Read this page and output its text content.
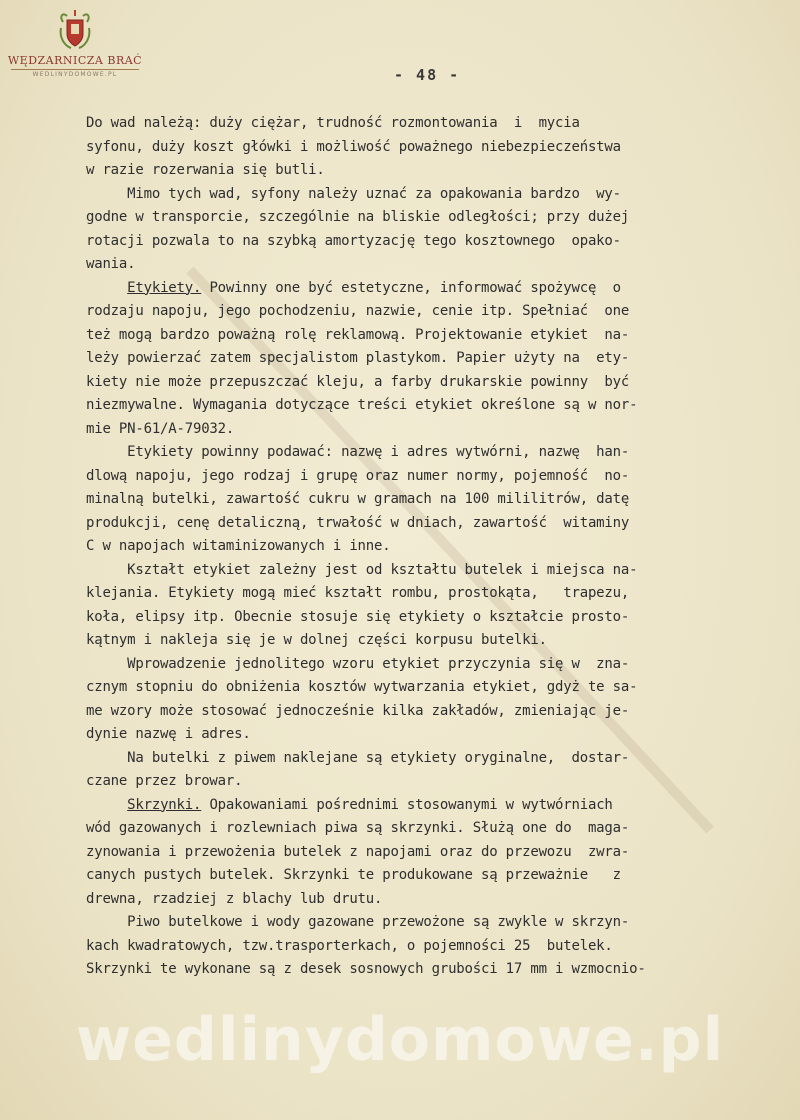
WĘDZARNICZA BRAĆ
WEDLINYDOMOWE.PL	- 48 -
Do wad należą: duży ciężar, trudność rozmontowania  i  mycia
syfonu, duży koszt główki i możliwość poważnego niebezpieczeństwa
w razie rozerwania się butli.
Mimo tych wad, syfony należy uznać za opakowania bardzo  wy-
godne w transporcie, szczególnie na bliskie odległości; przy dużej
rotacji pozwala to na szybką amortyzację tego kosztownego  opako-
wania.
Etykiety. Powinny one być estetyczne, informować spożywcę  o
rodzaju napoju, jego pochodzeniu, nazwie, cenie itp. Spełniać  one
też mogą bardzo poważną rolę reklamową. Projektowanie etykiet  na-
leży powierzać zatem specjalistom plastykom. Papier użyty na  ety-
kiety nie może przepuszczać kleju, a farby drukarskie powinny  być
niezmywalne. Wymagania dotyczące treści etykiet określone są w nor-
mie PN-61/A-79032.
Etykiety powinny podawać: nazwę i adres wytwórni, nazwę  han-
dlową napoju, jego rodzaj i grupę oraz numer normy, pojemność  no-
minalną butelki, zawartość cukru w gramach na 100 mililitrów, datę
produkcji, cenę detaliczną, trwałość w dniach, zawartość  witaminy
C w napojach witaminizowanych i inne.
Kształt etykiet zależny jest od kształtu butelek i miejsca na-
klejania. Etykiety mogą mieć kształt rombu, prostokąta,   trapezu,
koła, elipsy itp. Obecnie stosuje się etykiety o kształcie prosto-
kątnym i nakleja się je w dolnej części korpusu butelki.
Wprowadzenie jednolitego wzoru etykiet przyczynia się w  zna-
cznym stopniu do obniżenia kosztów wytwarzania etykiet, gdyż te sa-
me wzory może stosować jednocześnie kilka zakładów, zmieniając je-
dynie nazwę i adres.
Na butelki z piwem naklejane są etykiety oryginalne,  dostar-
czane przez browar.
Skrzynki. Opakowaniami pośrednimi stosowanymi w wytwórniach
wód gazowanych i rozlewniach piwa są skrzynki. Służą one do  maga-
zynowania i przewożenia butelek z napojami oraz do przewozu  zwra-
canych pustych butelek. Skrzynki te produkowane są przeważnie   z
drewna, rzadziej z blachy lub drutu.
Piwo butelkowe i wody gazowane przewożone są zwykle w skrzyn-
kach kwadratowych, tzw.trasporterkach, o pojemności 25  butelek.
Skrzynki te wykonane są z desek sosnowych grubości 17 mm i wzmocnio-
wedlinydomowe.pl
